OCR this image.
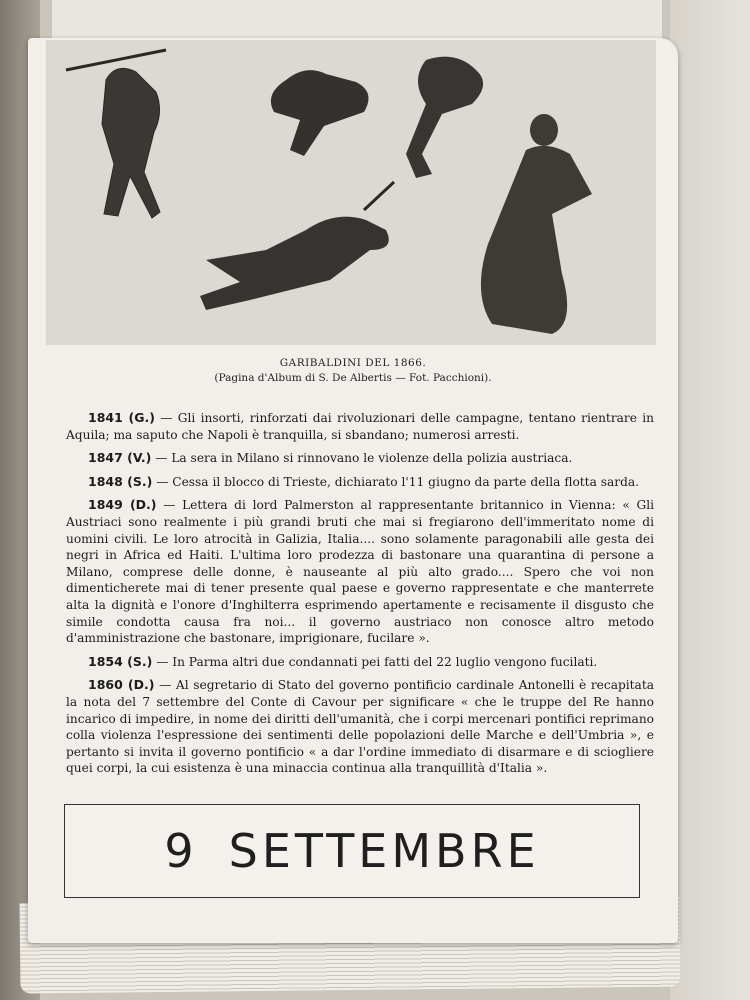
GARIBALDINI DEL 1866.
(Pagina d'Album di S. De Albertis — Fot. Pacchioni).

1841 (G.) — Gli insorti, rinforzati dai rivoluzionari delle campagne, tentano rientrare in Aquila; ma saputo che Napoli è tranquilla, si sbandano; numerosi arresti.

1847 (V.) — La sera in Milano si rinnovano le violenze della polizia austriaca.

1848 (S.) — Cessa il blocco di Trieste, dichiarato l'11 giugno da parte della flotta sarda.

1849 (D.) — Lettera di lord Palmerston al rappresentante britannico in Vienna: « Gli Austriaci sono realmente i più grandi bruti che mai si fregiarono dell'immeritato nome di uomini civili. Le loro atrocità in Galizia, Italia.... sono solamente paragonabili alle gesta dei negri in Africa ed Haiti. L'ultima loro prodezza di bastonare una quarantina di persone a Milano, comprese delle donne, è nauseante al più alto grado.... Spero che voi non dimenticherete mai di tener presente qual paese e governo rappresentate e che manterrete alta la dignità e l'onore d'Inghilterra esprimendo apertamente e recisamente il disgusto che simile condotta causa fra noi... il governo austriaco non conosce altro metodo d'amministrazione che bastonare, imprigionare, fucilare ».

1854 (S.) — In Parma altri due condannati pei fatti del 22 luglio vengono fucilati.

1860 (D.) — Al segretario di Stato del governo pontificio cardinale Antonelli è recapitata la nota del 7 settembre del Conte di Cavour per significare « che le truppe del Re hanno incarico di impedire, in nome dei diritti dell'umanità, che i corpi mercenari pontifici reprimano colla violenza l'espressione dei sentimenti delle popolazioni delle Marche e dell'Umbria », e pertanto si invita il governo pontificio « a dar l'ordine immediato di disarmare e di sciogliere quei corpi, la cui esistenza è una minaccia continua alla tranquillità d'Italia ».

9 SETTEMBRE
